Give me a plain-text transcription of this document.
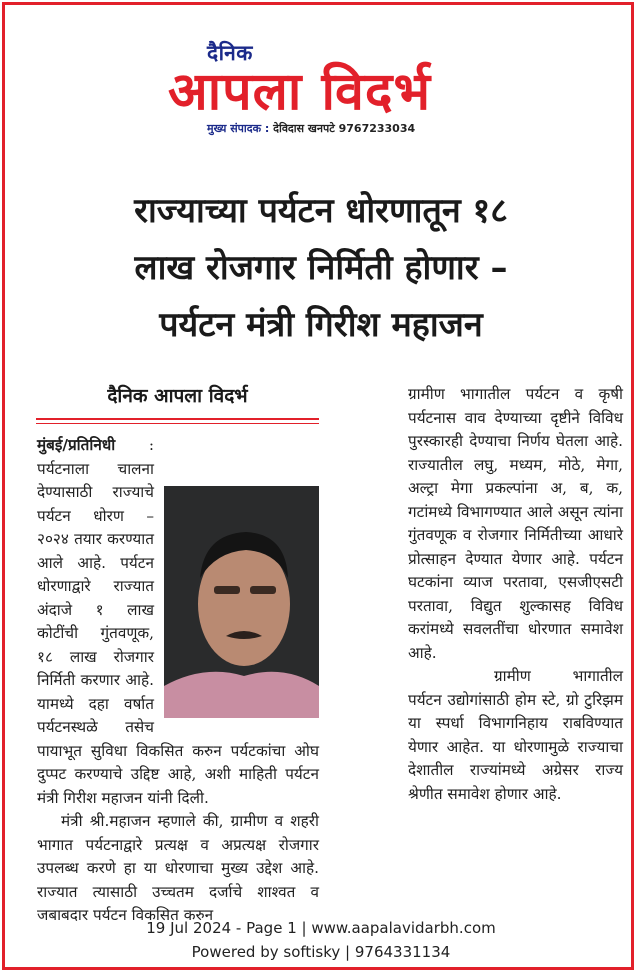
दैनिक
आपला विदर्भ
मुख्य संपादक : देविदास खनपटे 9767233034
राज्याच्या पर्यटन धोरणातून १८
लाख रोजगार निर्मिती होणार –
पर्यटन मंत्री गिरीश महाजन
दैनिक आपला विदर्भ
मुंबई/प्रतिनिधी : पर्यटनाला चालना देण्यासाठी राज्याचे पर्यटन धोरण – २०२४ तयार करण्यात आले आहे. पर्यटन धोरणाद्वारे राज्यात अंदाजे १ लाख कोटींची गुंतवणूक, १८ लाख रोजगार निर्मिती करणार आहे. यामध्ये दहा वर्षात पर्यटनस्थळे तसेच पायाभूत सुविधा विकसित करुन पर्यटकांचा ओघ दुप्पट करण्याचे उद्दिष्ट आहे, अशी माहिती पर्यटन मंत्री गिरीश महाजन यांनी दिली.
मंत्री श्री.महाजन म्हणाले की, ग्रामीण व शहरी भागात पर्यटनाद्वारे प्रत्यक्ष व अप्रत्यक्ष रोजगार उपलब्ध करणे हा या धोरणाचा मुख्य उद्देश आहे. राज्यात त्यासाठी उच्चतम दर्जाचे शाश्वत व जबाबदार पर्यटन विकसित करुन
ग्रामीण भागातील पर्यटन व कृषी पर्यटनास वाव देण्याच्या दृष्टीने विविध पुरस्कारही देण्याचा निर्णय घेतला आहे. राज्यातील लघु, मध्यम, मोठे, मेगा, अल्ट्रा मेगा प्रकल्पांना अ, ब, क, गटांमध्ये विभागण्यात आले असून त्यांना गुंतवणूक व रोजगार निर्मितीच्या आधारे प्रोत्साहन देण्यात येणार आहे. पर्यटन घटकांना व्याज परतावा, एसजीएसटी परतावा, विद्युत शुल्कासह विविध करांमध्ये सवलतींचा धोरणात समावेश आहे.
ग्रामीण भागातील पर्यटन उद्योगांसाठी होम स्टे, ग्रो टुरिझम या स्पर्धा विभागनिहाय राबविण्यात येणार आहेत. या धोरणामुळे राज्याचा देशातील राज्यांमध्ये अग्रेसर राज्य श्रेणीत समावेश होणार आहे.
19 Jul 2024 - Page 1 | www.aapalavidarbh.com
Powered by softisky | 9764331134
